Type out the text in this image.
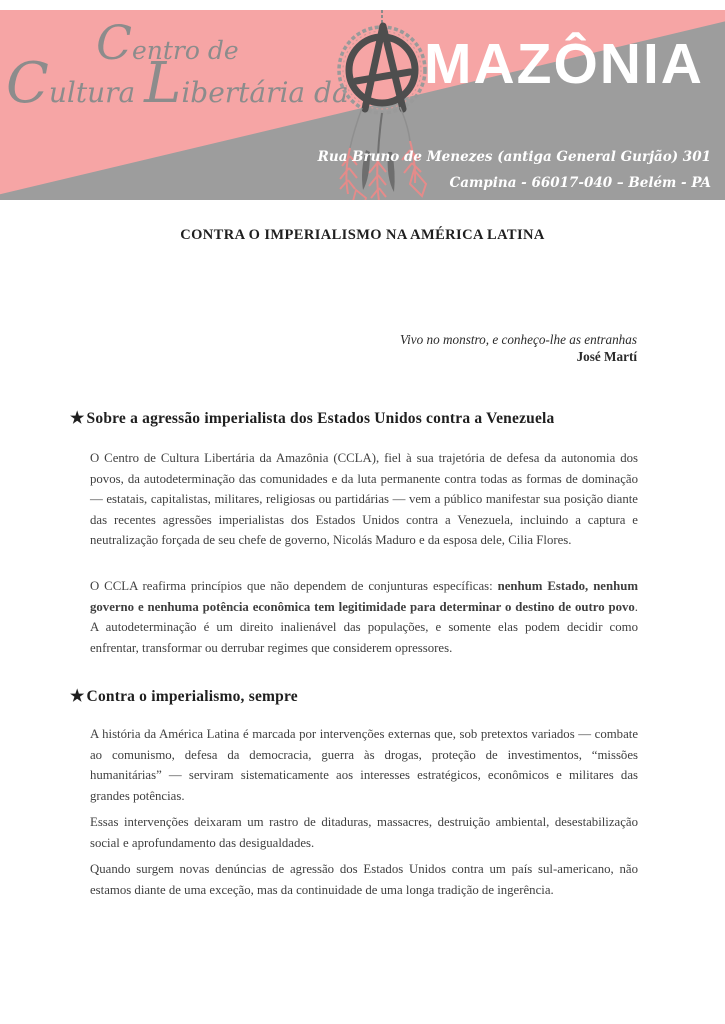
Centro de
Cultura Libertária da MAZÔNIA
Rua Bruno de Menezes (antiga General Gurjão) 301
Campina - 66017-040 – Belém - PA
CONTRA O IMPERIALISMO NA AMÉRICA LATINA
Vivo no monstro, e conheço-lhe as entranhas
José Martí
★ Sobre a agressão imperialista dos Estados Unidos contra a Venezuela

O Centro de Cultura Libertária da Amazônia (CCLA), fiel à sua trajetória de defesa da autonomia dos povos, da autodeterminação das comunidades e da luta permanente contra todas as formas de dominação — estatais, capitalistas, militares, religiosas ou partidárias — vem a público manifestar sua posição diante das recentes agressões imperialistas dos Estados Unidos contra a Venezuela, incluindo a captura e neutralização forçada de seu chefe de governo, Nicolás Maduro e da esposa dele, Cilia Flores.

O CCLA reafirma princípios que não dependem de conjunturas específicas: nenhum Estado, nenhum governo e nenhuma potência econômica tem legitimidade para determinar o destino de outro povo. A autodeterminação é um direito inalienável das populações, e somente elas podem decidir como enfrentar, transformar ou derrubar regimes que considerem opressores.

★ Contra o imperialismo, sempre

A história da América Latina é marcada por intervenções externas que, sob pretextos variados — combate ao comunismo, defesa da democracia, guerra às drogas, proteção de investimentos, “missões humanitárias” — serviram sistematicamente aos interesses estratégicos, econômicos e militares das grandes potências.

Essas intervenções deixaram um rastro de ditaduras, massacres, destruição ambiental, desestabilização social e aprofundamento das desigualdades.

Quando surgem novas denúncias de agressão dos Estados Unidos contra um país sul-americano, não estamos diante de uma exceção, mas da continuidade de uma longa tradição de ingerência.
